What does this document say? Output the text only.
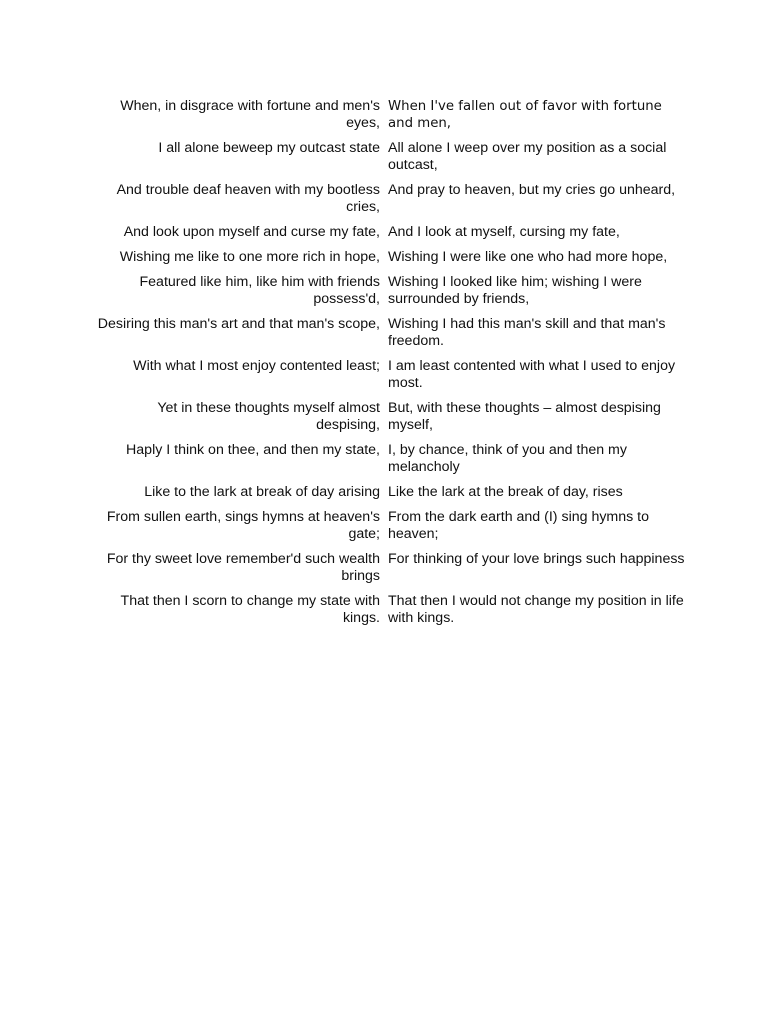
When, in disgrace with fortune and men's eyes,		When I've fallen out of favor with fortune and men,
I all alone beweep my outcast state		All alone I weep over my position as a social outcast,
And trouble deaf heaven with my bootless cries,		And pray to heaven, but my cries go unheard,
And look upon myself and curse my fate,		And I look at myself, cursing my fate,
Wishing me like to one more rich in hope,		Wishing I were like one who had more hope,
Featured like him, like him with friends possess'd,		Wishing I looked like him; wishing I were surrounded by friends,
Desiring this man's art and that man's scope,		Wishing I had this man's skill and that man's freedom.
With what I most enjoy contented least;		I am least contented with what I used to enjoy most.
Yet in these thoughts myself almost despising,		But, with these thoughts – almost despising myself,
Haply I think on thee, and then my state,		I, by chance, think of you and then my melancholy
Like to the lark at break of day arising		Like the lark at the break of day, rises
From sullen earth, sings hymns at heaven's gate;		From the dark earth and (I) sing hymns to heaven;
For thy sweet love remember'd such wealth brings		For thinking of your love brings such happiness
That then I scorn to change my state with kings.		That then I would not change my position in life with kings.
